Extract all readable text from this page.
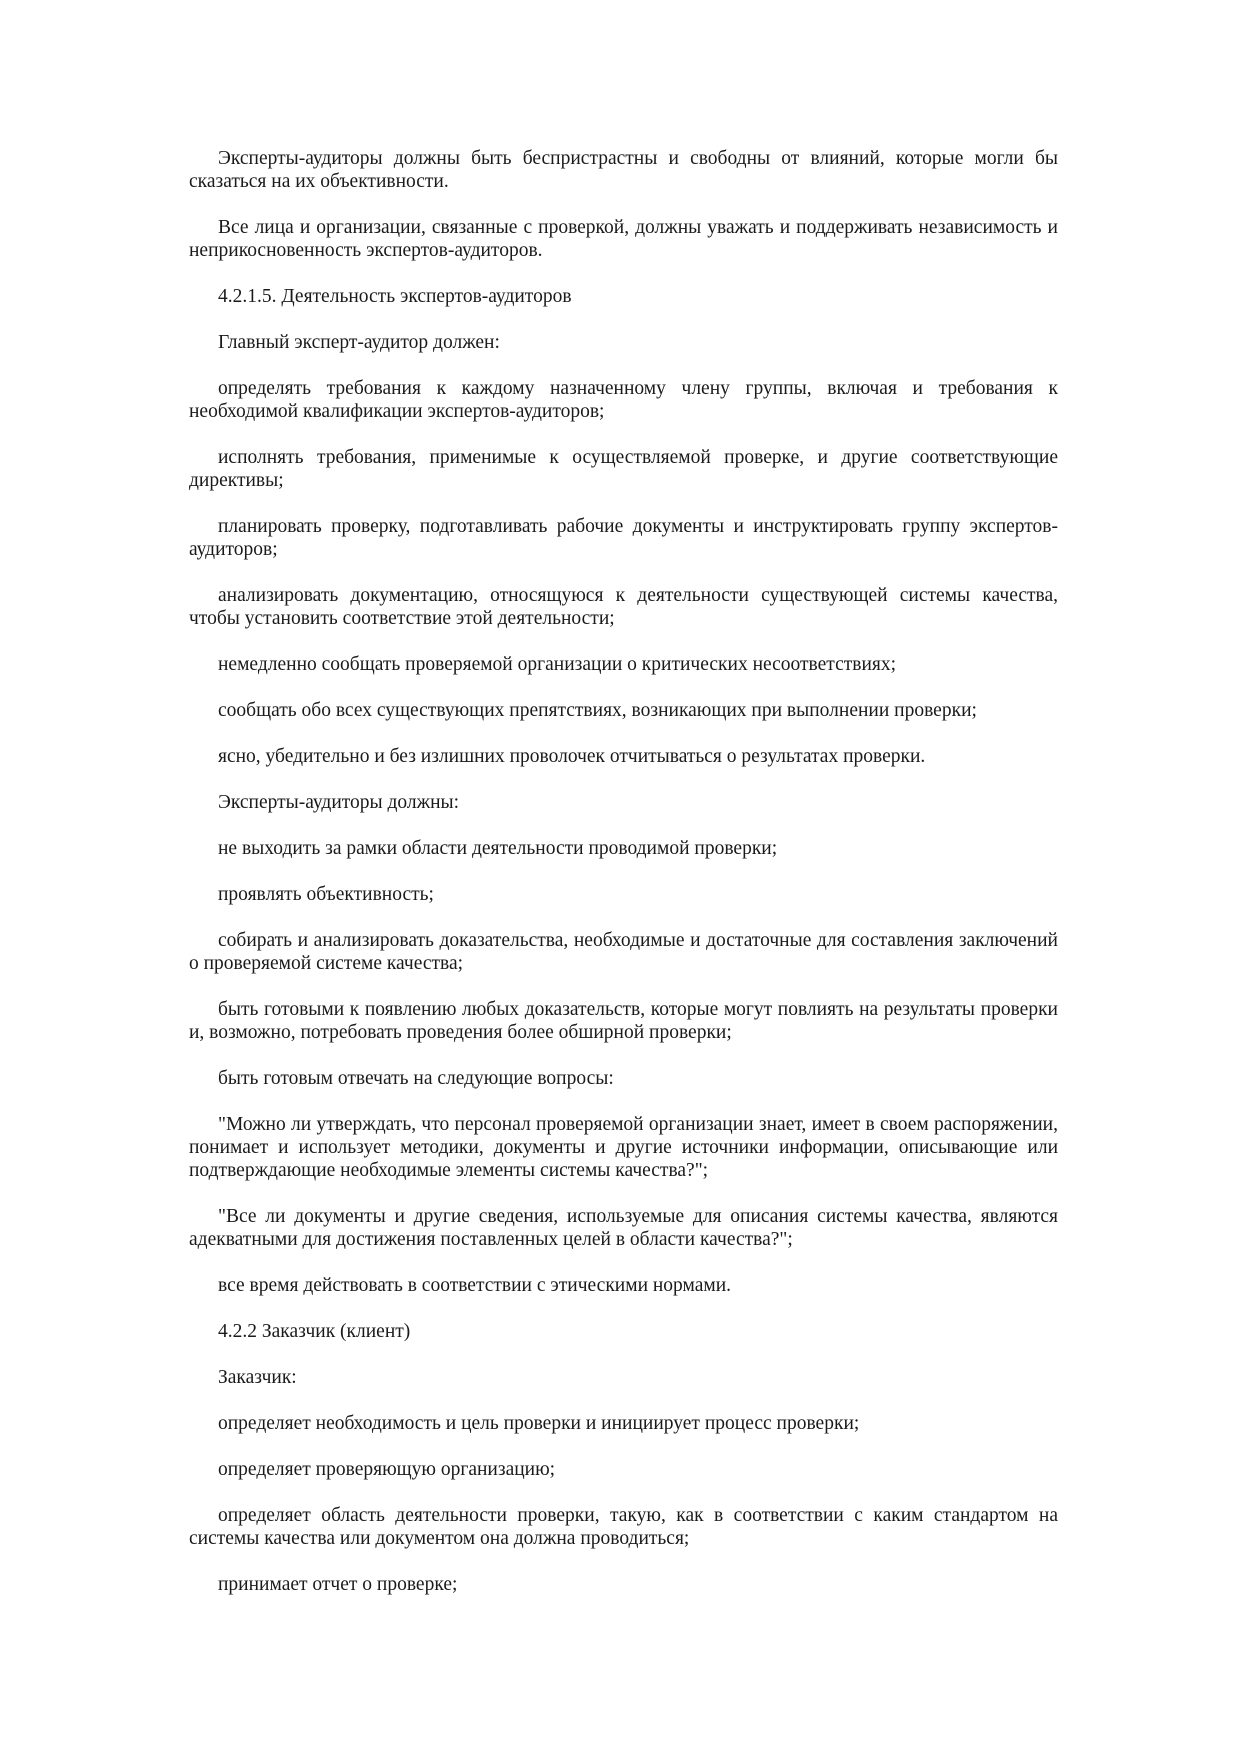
Эксперты-аудиторы должны быть беспристрастны и свободны от влияний, которые могли бы сказаться на их объективности.

Все лица и организации, связанные с проверкой, должны уважать и поддерживать независимость и неприкосновенность экспертов-аудиторов.

4.2.1.5. Деятельность экспертов-аудиторов

Главный эксперт-аудитор должен:

определять требования к каждому назначенному члену группы, включая и требования к необходимой квалификации экспертов-аудиторов;

исполнять требования, применимые к осуществляемой проверке, и другие соответствующие директивы;

планировать проверку, подготавливать рабочие документы и инструктировать группу экспертов-аудиторов;

анализировать документацию, относящуюся к деятельности существующей системы качества, чтобы установить соответствие этой деятельности;

немедленно сообщать проверяемой организации о критических несоответствиях;

сообщать обо всех существующих препятствиях, возникающих при выполнении проверки;

ясно, убедительно и без излишних проволочек отчитываться о результатах проверки.

Эксперты-аудиторы должны:

не выходить за рамки области деятельности проводимой проверки;

проявлять объективность;

собирать и анализировать доказательства, необходимые и достаточные для составления заключений о проверяемой системе качества;

быть готовыми к появлению любых доказательств, которые могут повлиять на результаты проверки и, возможно, потребовать проведения более обширной проверки;

быть готовым отвечать на следующие вопросы:

"Можно ли утверждать, что персонал проверяемой организации знает, имеет в своем распоряжении, понимает и использует методики, документы и другие источники информации, описывающие или подтверждающие необходимые элементы системы качества?";

"Все ли документы и другие сведения, используемые для описания системы качества, являются адекватными для достижения поставленных целей в области качества?";

все время действовать в соответствии с этическими нормами.

4.2.2 Заказчик (клиент)

Заказчик:

определяет необходимость и цель проверки и инициирует процесс проверки;

определяет проверяющую организацию;

определяет область деятельности проверки, такую, как в соответствии с каким стандартом на системы качества или документом она должна проводиться;

принимает отчет о проверке;
